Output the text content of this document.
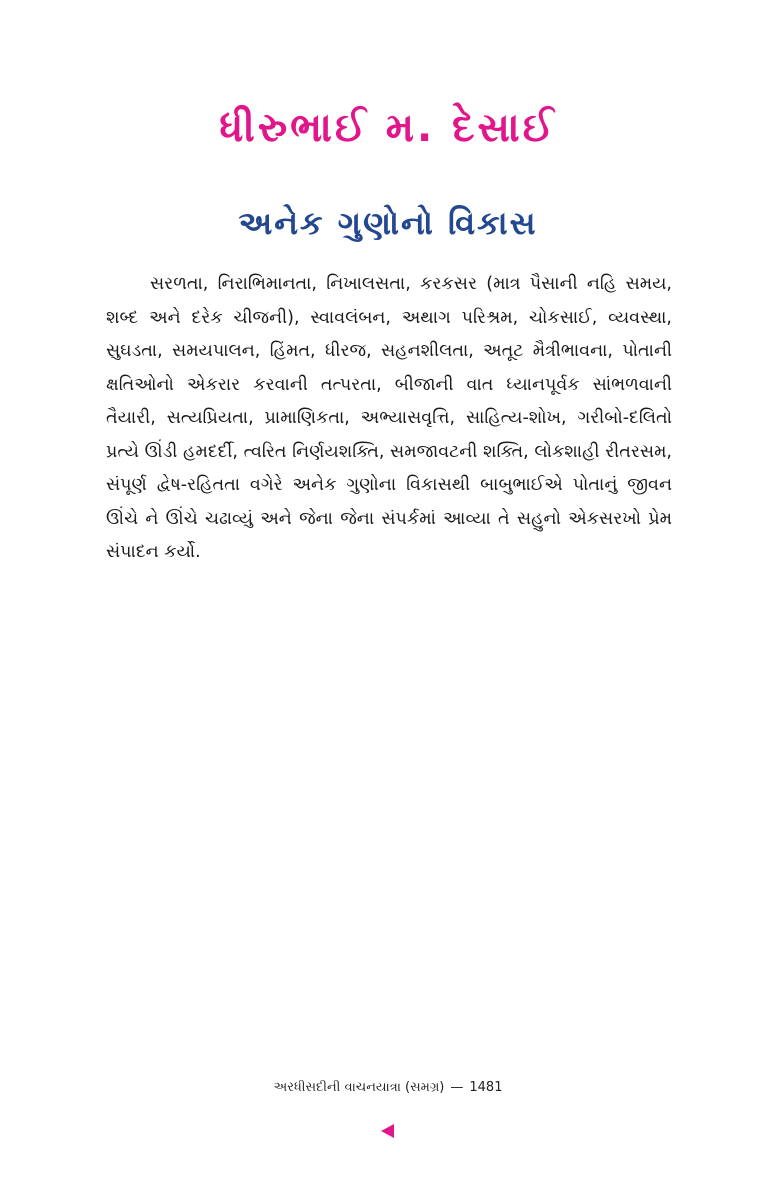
ધીરુભાઈ મ. દેસાઈ
અનેક ગુણોનો વિકાસ

સરળતા, નિરાભિમાનતા, નિખાલસતા, કરકસર (માત્ર પૈસાની નહિ સમય, શબ્દ અને દરેક ચીજની), સ્વાવલંબન, અથાગ પરિશ્રમ, ચોકસાઈ, વ્યવસ્થા, સુઘડતા, સમયપાલન, હિંમત, ધીરજ, સહનશીલતા, અતૂટ મૈત્રીભાવના, પોતાની ક્ષતિઓનો એકરાર કરવાની તત્પરતા, બીજાની વાત ધ્યાનપૂર્વક સાંભળવાની તૈયારી, સત્યપ્રિયતા, પ્રામાણિકતા, અભ્યાસવૃત્તિ, સાહિત્ય-શોખ, ગરીબો-દલિતો પ્રત્યે ઊંડી હમદર્દી, ત્વરિત નિર્ણયશક્તિ, સમજાવટની શક્તિ, લોકશાહી રીતરસમ, સંપૂર્ણ દ્વેષ-રહિતતા વગેરે અનેક ગુણોના વિકાસથી બાબુભાઈએ પોતાનું જીવન ઊંચે ને ઊંચે ચઢાવ્યું અને જેના જેના સંપર્કમાં આવ્યા તે સહુનો એકસરખો પ્રેમ સંપાદન કર્યો.

અરધીસદીની વાચનયાત્રા (સમગ્ર) — 1481
